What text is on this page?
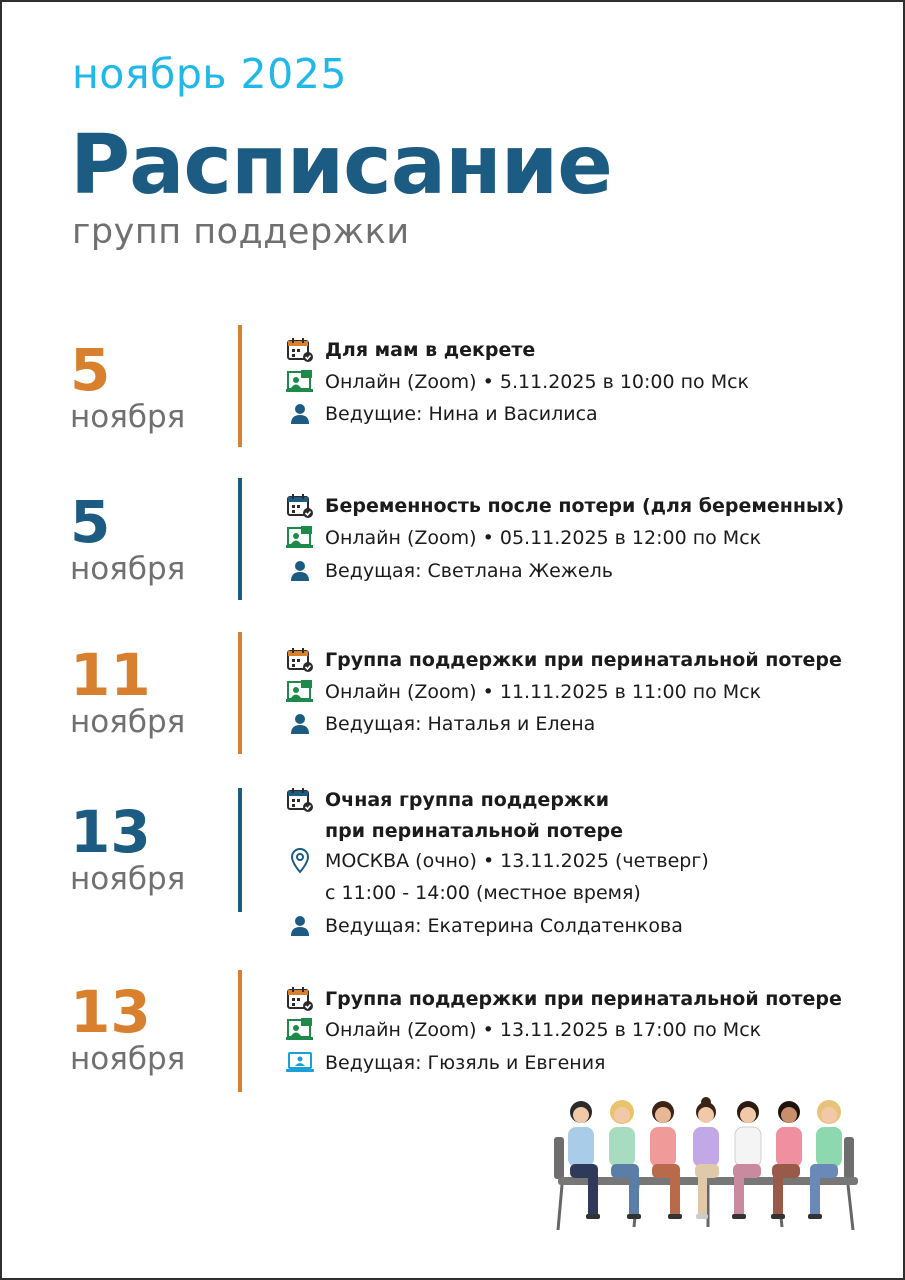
ноябрь 2025
Расписание
групп поддержки
5
ноября
Для мам в декрете
Онлайн (Zoom) • 5.11.2025 в 10:00 по Мск
Ведущие: Нина и Василиса
5
ноября
Беременность после потери (для беременных)
Онлайн (Zoom) • 05.11.2025 в 12:00 по Мск
Ведущая: Светлана Жежель
11
ноября
Группа поддержки при перинатальной потере
Онлайн (Zoom) • 11.11.2025 в 11:00 по Мск
Ведущая: Наталья и Елена
13
ноября
Очная группа поддержки
при перинатальной потере
МОСКВА (очно) • 13.11.2025 (четверг)
с 11:00 - 14:00 (местное время)
Ведущая: Екатерина Солдатенкова
13
ноября
Группа поддержки при перинатальной потере
Онлайн (Zoom) • 13.11.2025 в 17:00 по Мск
Ведущая: Гюзяль и Евгения
